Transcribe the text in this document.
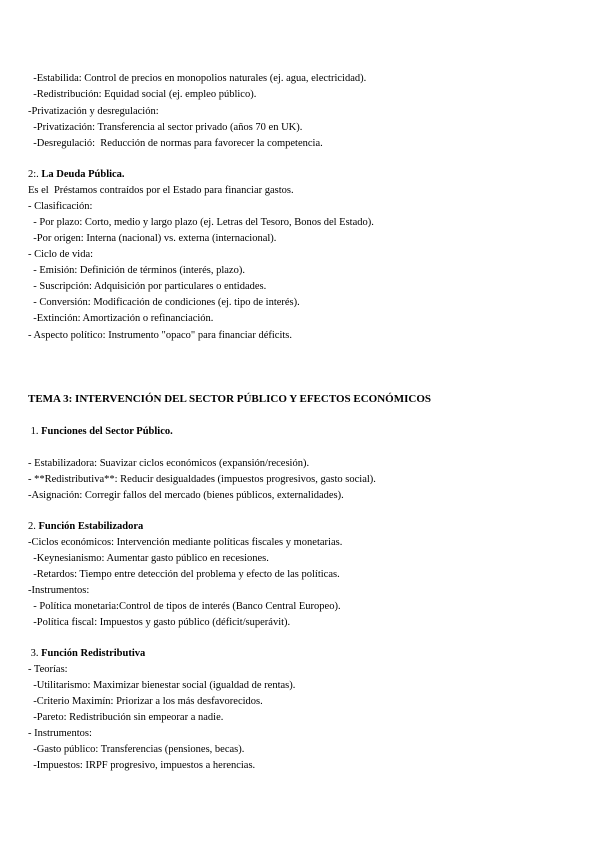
-Estabilida: Control de precios en monopolios naturales (ej. agua, electricidad).
-Redistribución: Equidad social (ej. empleo público).
-Privatización y desregulación:
-Privatización: Transferencia al sector privado (años 70 en UK).
-Desregulació:  Reducción de normas para favorecer la competencia.
2:. La Deuda Pública.
Es el  Préstamos contraídos por el Estado para financiar gastos.
- Clasificación:
- Por plazo: Corto, medio y largo plazo (ej. Letras del Tesoro, Bonos del Estado).
-Por origen: Interna (nacional) vs. externa (internacional).
- Ciclo de vida:
- Emisión: Definición de términos (interés, plazo).
- Suscripción: Adquisición por particulares o entidades.
- Conversión: Modificación de condiciones (ej. tipo de interés).
-Extinción: Amortización o refinanciación.
- Aspecto político: Instrumento "opaco" para financiar déficits.
TEMA 3: INTERVENCIÓN DEL SECTOR PÚBLICO Y EFECTOS ECONÓMICOS
1. Funciones del Sector Público.
- Estabilizadora: Suavizar ciclos económicos (expansión/recesión).
- **Redistributiva**: Reducir desigualdades (impuestos progresivos, gasto social).
-Asignación: Corregir fallos del mercado (bienes públicos, externalidades).
2. Función Estabilizadora
-Ciclos económicos: Intervención mediante políticas fiscales y monetarias.
-Keynesianismo: Aumentar gasto público en recesiones.
-Retardos: Tiempo entre detección del problema y efecto de las políticas.
-Instrumentos:
- Política monetaria:Control de tipos de interés (Banco Central Europeo).
-Política fiscal: Impuestos y gasto público (déficit/superávit).
3. Función Redistributiva
- Teorías:
-Utilitarismo: Maximizar bienestar social (igualdad de rentas).
-Criterio Maximín: Priorizar a los más desfavorecidos.
-Pareto: Redistribución sin empeorar a nadie.
- Instrumentos:
-Gasto público: Transferencias (pensiones, becas).
-Impuestos: IRPF progresivo, impuestos a herencias.
